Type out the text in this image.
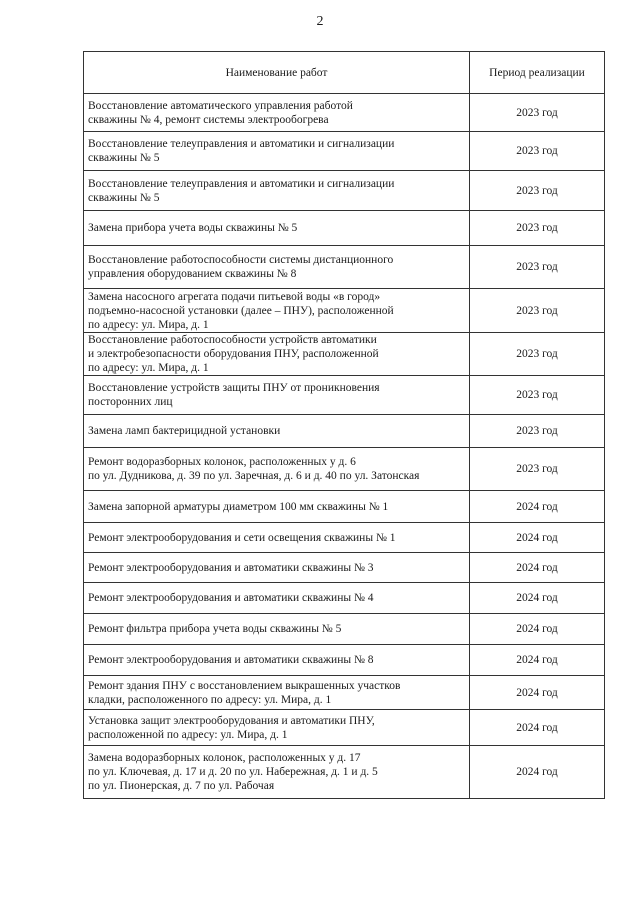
2
Наименование работ	Период реализации

Восстановление автоматического управления работой
скважины № 4, ремонт системы электрообогрева	2023 год

Восстановление телеуправления и автоматики и сигнализации
скважины № 5	2023 год

Восстановление телеуправления и автоматики и сигнализации
скважины № 5	2023 год

Замена прибора учета воды скважины № 5	2023 год

Восстановление работоспособности системы дистанционного
управления оборудованием скважины № 8	2023 год

Замена насосного агрегата подачи питьевой воды «в город»
подъемно-насосной установки (далее – ПНУ), расположенной
по адресу: ул. Мира, д. 1	2023 год

Восстановление работоспособности устройств автоматики
и электробезопасности оборудования ПНУ, расположенной
по адресу: ул. Мира, д. 1	2023 год

Восстановление устройств защиты ПНУ от проникновения
посторонних лиц	2023 год

Замена ламп бактерицидной установки	2023 год

Ремонт водоразборных колонок, расположенных у д. 6
по ул. Дудникова, д. 39 по ул. Заречная, д. 6 и д. 40 по ул. Затонская	2023 год

Замена запорной арматуры диаметром 100 мм скважины № 1	2024 год

Ремонт электрооборудования и сети освещения скважины № 1	2024 год

Ремонт электрооборудования и автоматики скважины № 3	2024 год

Ремонт электрооборудования и автоматики скважины № 4	2024 год

Ремонт фильтра прибора учета воды скважины № 5	2024 год

Ремонт электрооборудования и автоматики скважины № 8	2024 год

Ремонт здания ПНУ с восстановлением выкрашенных участков
кладки, расположенного по адресу: ул. Мира, д. 1	2024 год

Установка защит электрооборудования и автоматики ПНУ,
расположенной по адресу: ул. Мира, д. 1	2024 год

Замена водоразборных колонок, расположенных у д. 17
по ул. Ключевая, д. 17 и д. 20 по ул. Набережная, д. 1 и д. 5
по ул. Пионерская, д. 7 по ул. Рабочая	2024 год
